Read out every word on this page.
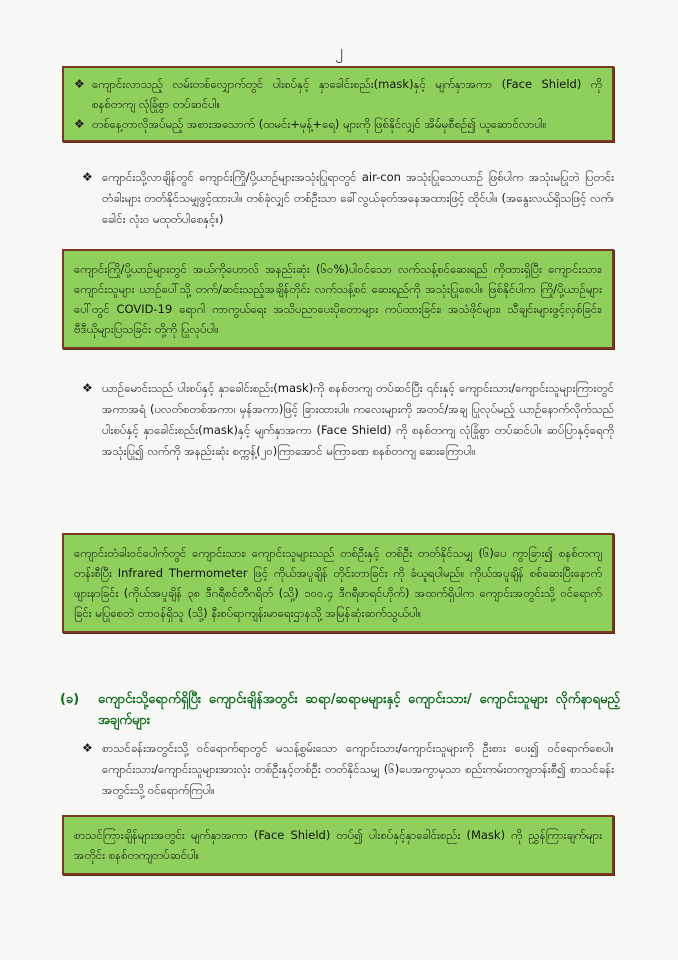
၂
❖ ကျောင်းလာသည့် လမ်းတစ်လျှောက်တွင် ပါးစပ်နှင့် နှာခေါင်းစည်း(mask)နှင့် မျက်နှာအကာ (Face Shield) ကို စနစ်တကျ လုံခြုံစွာ တပ်ဆင်ပါ။
❖ တစ်နေ့တာလိုအပ်မည့် အစားအသောက် (ထမင်း+မုန့်+ရေ) များကို ဖြစ်နိုင်လျှင် အိမ်မှစီစဉ်၍ ယူဆောင်လာပါ။
❖ ကျောင်းသို့လာချိန်တွင် ကျောင်းကြို/ပို့ယာဉ်များအသုံးပြုရာတွင် air-con အသုံးပြုသောယာဉ် ဖြစ်ပါက အသုံးမပြုဘဲ ပြတင်းတံခါးများ တတ်နိုင်သမျှဖွင့်ထားပါ။ တစ်ခုံလျှင် တစ်ဦးသာ ခေါ်လွယ်ခုတ်အနေအထားဖြင့် ထိုင်ပါ။ (အနွေးလယ်ရှိသဖြင့် လက်၊ ခေါင်း လုံးဝ မထုတ်ပါစေနှင့်။)

ကျောင်းကြို/ပို့ယာဉ်များတွင် အယ်ကိုဟောလ် အနည်းဆုံး (၆၀%)ပါဝင်သော လက်သန့်စင်ဆေးရည် ကိုထားရှိပြီး ကျောင်းသား၊ ကျောင်းသူများ ယာဉ်ပေါ်သို့ တက်/ဆင်းသည့်အချိန်တိုင်း လက်သန့်စင် ဆေးရည်ကို အသုံးပြုစေပါ။ ဖြစ်နိုင်ပါက ကြို/ပို့ယာဉ်များပေါ်တွင် COVID-19 ရောဂါ ကာကွယ်ရေး အသိပညာပေးပိုစတာများ ကပ်ထားခြင်း၊ အသံဖိုင်များ၊ သီချင်းများဖွင့်လှစ်ခြင်း၊ ဗီဒီယိုများပြသခြင်း တို့ကို ပြုလုပ်ပါ။

❖ ယာဉ်မောင်းသည် ပါးစပ်နှင့် နှာခေါင်းစည်း(mask)ကို စနစ်တကျ တပ်ဆင်ပြီး ၎င်းနှင့် ကျောင်းသား/ကျောင်းသူများကြားတွင် အကာအရံ (ပလတ်စတစ်အကာ၊ မှန်အကာ)ဖြင့် ခြားထားပါ။ ကလေးများကို အတင်/အချ ပြုလုပ်မည့် ယာဉ်နောက်လိုက်သည် ပါးစပ်နှင့် နှာခေါင်းစည်း(mask)နှင့် မျက်နှာအကာ (Face Shield) ကို စနစ်တကျ လုံခြုံစွာ တပ်ဆင်ပါ။ ဆပ်ပြာနှင့်ရေကို အသုံးပြု၍ လက်ကို အနည်းဆုံး စက္ကန့်(၂၀)ကြာအောင် မကြာခဏ စနစ်တကျ ဆေးကြောပါ။

ကျောင်းတံခါးဝင်ပေါက်တွင် ကျောင်းသား၊ ကျောင်းသူများသည် တစ်ဦးနှင့် တစ်ဦး တတ်နိုင်သမျှ (၆)ပေ ကွာခြား၍ စနစ်တကျ တန်းစီပြီး Infrared Thermometer ဖြင့် ကိုယ်အပူချိန် တိုင်းတာခြင်း ကို ခံယူရပါမည်။ ကိုယ်အပူချိန် စစ်ဆေးပြီးနောက် ဖျားနာခြင်း (ကိုယ်အပူချိန် ၃၈ ဒီဂရီစင်တီဂရိတ် (သို့) ၁၀၀.၄ ဒီဂရီဖာရင်ဟိုက်) အထက်ရှိပါက ကျောင်းအတွင်းသို့ ဝင်ရောက်ခြင်း မပြုစေဘဲ တာဝန်ရှိသူ (သို့) နီးစပ်ရာကျန်းမာရေးဌာနသို့ အမြန်ဆုံးဆက်သွယ်ပါ။

(ခ)	ကျောင်းသို့ရောက်ရှိပြီး ကျောင်းချိန်အတွင်း ဆရာ/ဆရာမများနှင့် ကျောင်းသား/ ကျောင်းသူများ လိုက်နာရမည့်အချက်များ
❖ စာသင်ခန်းအတွင်းသို့ ဝင်ရောက်ရာတွင် မသန့်စွမ်းသော ကျောင်းသား/ကျောင်းသူများကို ဦးစား ပေး၍ ဝင်ရောက်စေပါ။ ကျောင်းသား/ကျောင်းသူများအားလုံး တစ်ဦးနှင့်တစ်ဦး တတ်နိုင်သမျှ (၆)ပေအကွာမှသာ စည်းကမ်းတကျတန်းစီ၍ စာသင်ခန်းအတွင်းသို့ ဝင်ရောက်ကြပါ။

စာသင်ကြားချိန်များအတွင်း မျက်နှာအကာ (Face Shield) တပ်၍ ပါးစပ်နှင့်နှာခေါင်းစည်း (Mask) ကို ညွှန်ကြားချက်များအတိုင်း စနစ်တကျတပ်ဆင်ပါ။
